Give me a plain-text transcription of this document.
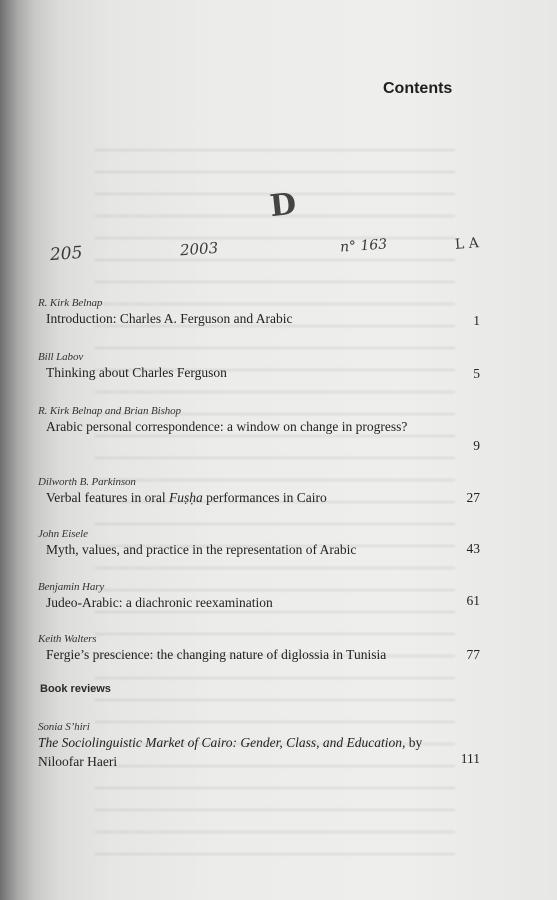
Contents
D
205	2003	n° 163	L A
R. Kirk Belnap
Introduction: Charles A. Ferguson and Arabic	1
Bill Labov
Thinking about Charles Ferguson	5
R. Kirk Belnap and Brian Bishop
Arabic personal correspondence: a window on change in progress?
9
Dilworth B. Parkinson
Verbal features in oral Fuṣḥa performances in Cairo	27
John Eisele
Myth, values, and practice in the representation of Arabic	43
Benjamin Hary
Judeo-Arabic: a diachronic reexamination	61
Keith Walters
Fergie’s prescience: the changing nature of diglossia in Tunisia	77
Book reviews
Sonia S’hiri
The Sociolinguistic Market of Cairo: Gender, Class, and Education, by Niloofar Haeri	111
